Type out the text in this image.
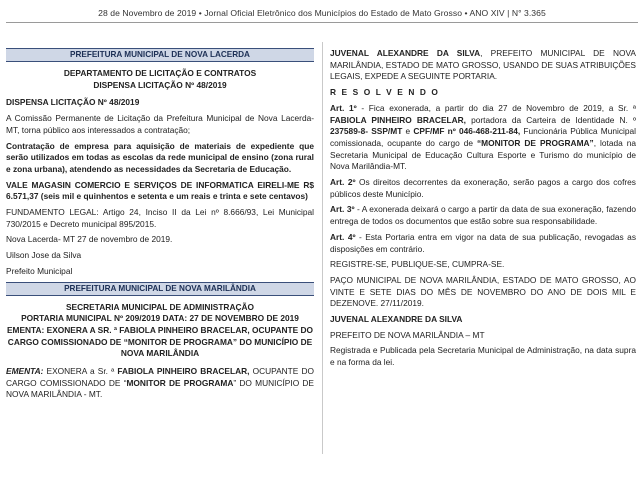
28 de Novembro de 2019 • Jornal Oficial Eletrônico dos Municípios do Estado de Mato Grosso • ANO XIV | N° 3.365
PREFEITURA MUNICIPAL DE NOVA LACERDA
DEPARTAMENTO DE LICITAÇÃO E CONTRATOS
DISPENSA LICITAÇÃO Nº 48/2019

DISPENSA LICITAÇÃO Nº 48/2019

A Comissão Permanente de Licitação da Prefeitura Municipal de Nova Lacerda- MT, torna público aos interessados a contratação;

Contratação de empresa para aquisição de materiais de expediente que serão utilizados em todas as escolas da rede municipal de ensino (zona rural e zona urbana), atendendo as necessidades da Secretaria de Educação.

VALE MAGASIN COMERCIO E SERVIÇOS DE INFORMATICA EIRELI-ME R$ 6.571,37 (seis mil e quinhentos e setenta e um reais e trinta e sete centavos)

FUNDAMENTO LEGAL: Artigo 24, Inciso II da Lei nº 8.666/93, Lei Municipal 730/2015 e Decreto municipal 895/2015.

Nova Lacerda- MT 27 de novembro de 2019.

Uilson Jose da Silva

Prefeito Municipal

PREFEITURA MUNICIPAL DE NOVA MARILÂNDIA
SECRETARIA MUNICIPAL DE ADMINISTRAÇÃO
PORTARIA MUNICIPAL Nº 209/2019 DATA: 27 DE NOVEMBRO DE 2019 EMENTA: EXONERA A SR. ª FABIOLA PINHEIRO BRACELAR, OCUPANTE DO CARGO COMISSIONADO DE “MONITOR DE PROGRAMA” DO MUNICÍPIO DE NOVA MARILÂNDIA

EMENTA: EXONERA a Sr. ª FABIOLA PINHEIRO BRACELAR, OCUPANTE DO CARGO COMISSIONADO DE “MONITOR DE PROGRAMA” DO MUNICÍPIO DE NOVA MARILÂNDIA - MT.

JUVENAL ALEXANDRE DA SILVA, PREFEITO MUNICIPAL DE NOVA MARILÂNDIA, ESTADO DE MATO GROSSO, USANDO DE SUAS ATRIBUIÇÕES LEGAIS, EXPEDE A SEGUINTE PORTARIA.

R E S O L V E N D O

Art. 1º - Fica exonerada, a partir do dia 27 de Novembro de 2019, a Sr. ª FABIOLA PINHEIRO BRACELAR, portadora da Carteira de Identidade N. º 237589-8- SSP/MT e CPF/MF nº 046-468-211-84, Funcionária Pública Municipal comissionada, ocupante do cargo de “MONITOR DE PROGRAMA”, lotada na Secretaria Municipal de Educação Cultura Esporte e Turismo do município de Nova Marilândia-MT.

Art. 2º Os direitos decorrentes da exoneração, serão pagos a cargo dos cofres públicos deste Município.

Art. 3º - A exonerada deixará o cargo a partir da data de sua exoneração, fazendo entrega de todos os documentos que estão sobre sua responsabilidade.

Art. 4º - Esta Portaria entra em vigor na data de sua publicação, revogadas as disposições em contrário.

REGISTRE-SE, PUBLIQUE-SE, CUMPRA-SE.

PAÇO MUNICIPAL DE NOVA MARILÂNDIA, ESTADO DE MATO GROSSO, AO VINTE E SETE DIAS DO MÊS DE NOVEMBRO DO ANO DE DOIS MIL E DEZENOVE. 27/11/2019.

JUVENAL ALEXANDRE DA SILVA

PREFEITO DE NOVA MARILÂNDIA – MT

Registrada e Publicada pela Secretaria Municipal de Administração, na data supra e na forma da lei.
